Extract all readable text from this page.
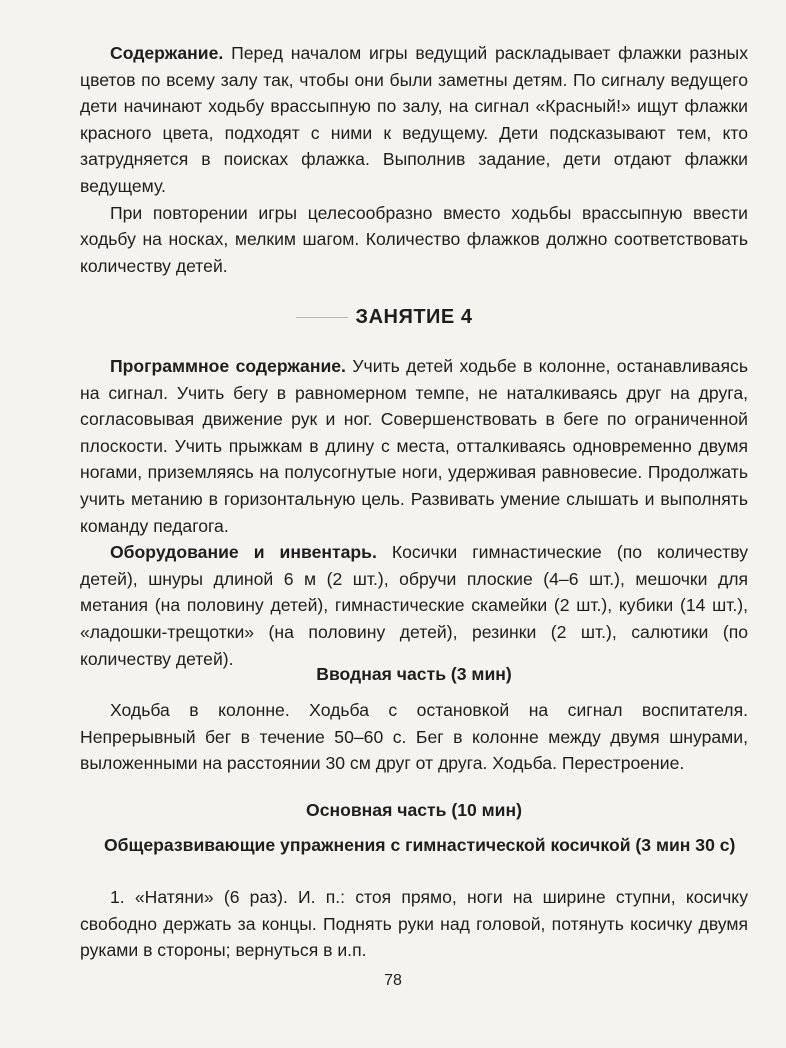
Содержание. Перед началом игры ведущий раскладывает флажки разных цветов по всему залу так, чтобы они были заметны детям. По сигналу ведущего дети начинают ходьбу врассыпную по залу, на сигнал «Красный!» ищут флажки красного цвета, подходят с ними к ведущему. Дети подсказывают тем, кто затрудняется в поисках флажка. Выполнив задание, дети отдают флажки ведущему.

При повторении игры целесообразно вместо ходьбы врассыпную ввести ходьбу на носках, мелким шагом. Количество флажков должно соответствовать количеству детей.

ЗАНЯТИЕ 4

Программное содержание. Учить детей ходьбе в колонне, останавливаясь на сигнал. Учить бегу в равномерном темпе, не наталкиваясь друг на друга, согласовывая движение рук и ног. Совершенствовать в беге по ограниченной плоскости. Учить прыжкам в длину с места, отталкиваясь одновременно двумя ногами, приземляясь на полусогнутые ноги, удерживая равновесие. Продолжать учить метанию в горизонтальную цель. Развивать умение слышать и выполнять команду педагога.

Оборудование и инвентарь. Косички гимнастические (по количеству детей), шнуры длиной 6 м (2 шт.), обручи плоские (4–6 шт.), мешочки для метания (на половину детей), гимнастические скамейки (2 шт.), кубики (14 шт.), «ладошки-трещотки» (на половину детей), резинки (2 шт.), салютики (по количеству детей).

Вводная часть (3 мин)

Ходьба в колонне. Ходьба с остановкой на сигнал воспитателя. Непрерывный бег в течение 50–60 с. Бег в колонне между двумя шнурами, выложенными на расстоянии 30 см друг от друга. Ходьба. Перестроение.

Основная часть (10 мин)
Общеразвивающие упражнения с гимнастической косичкой (3 мин 30 с)

1. «Натяни» (6 раз). И. п.: стоя прямо, ноги на ширине ступни, косичку свободно держать за концы. Поднять руки над головой, потянуть косичку двумя руками в стороны; вернуться в и.п.

78
